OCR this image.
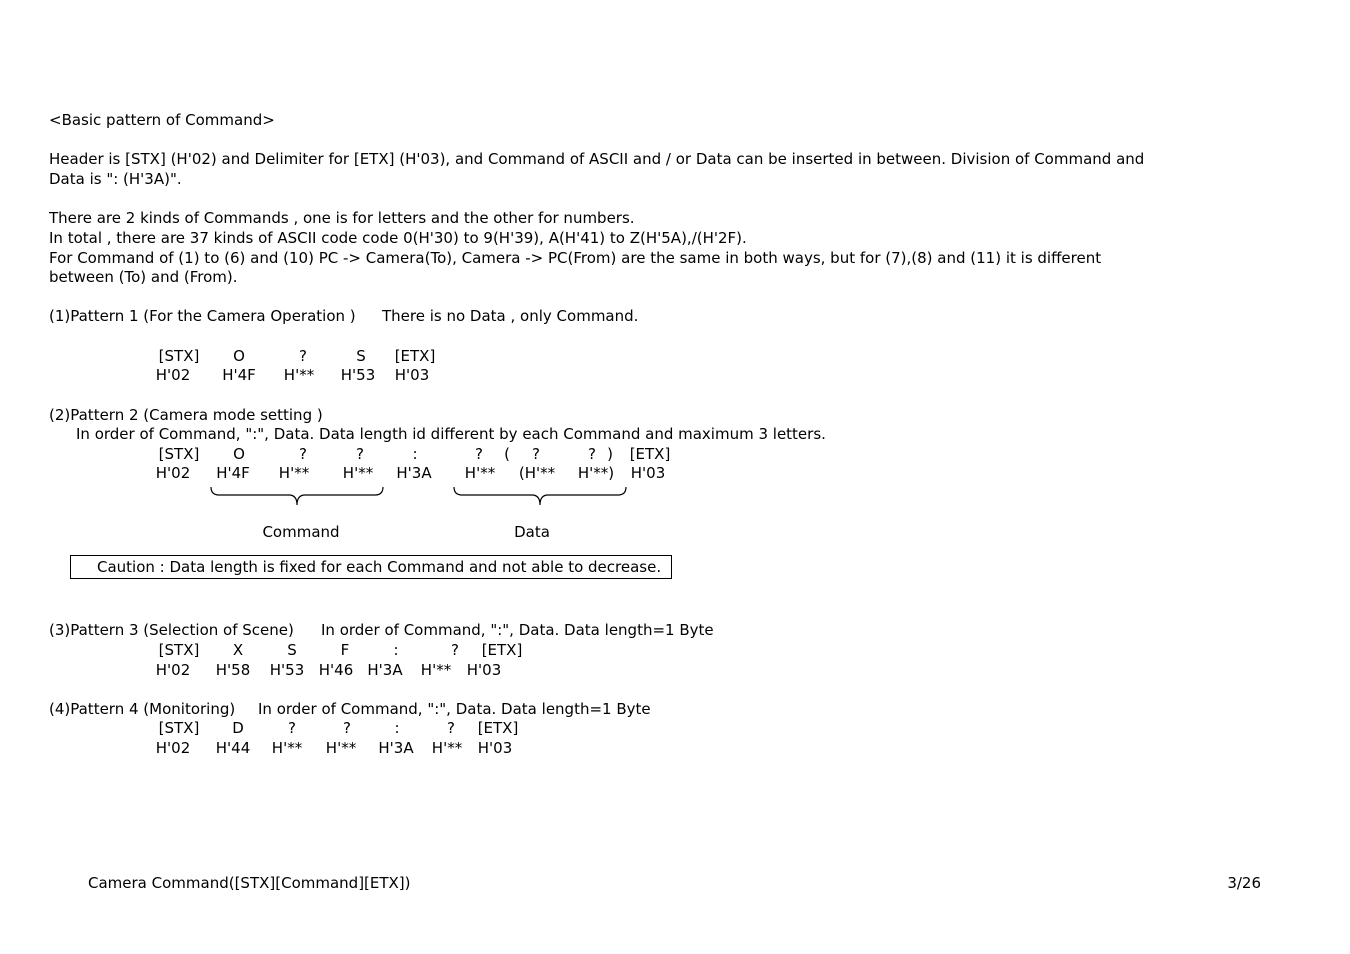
<Basic pattern of Command>
Header is [STX] (H'02) and Delimiter for [ETX] (H'03), and Command of ASCII and / or Data can be inserted in between. Division of Command and
Data is ": (H'3A)".
There are 2 kinds of Commands , one is for letters and the other for numbers.
In total , there are 37 kinds of ASCII code code 0(H'30) to 9(H'39), A(H'41) to Z(H'5A),/(H'2F).
For Command of (1) to (6) and (10) PC -> Camera(To), Camera -> PC(From) are the same in both ways, but for (7),(8) and (11) it is different
between (To) and (From).
(1)Pattern 1 (For the Camera Operation ) There is no Data , only Command.
[STX] O	?	S [ETX]
H'02 H'4F H'** H'53 H'03
(2)Pattern 2 (Camera mode setting )
In order of Command, ":", Data. Data length id different by each Command and maximum 3 letters.
[STX] O	?	?	:	? ( ?	? ) [ETX]
H'02 H'4F H'** H'** H'3A H'** (H'** H'**) H'03
Command	Data
Caution : Data length is fixed for each Command and not able to decrease.
(3)Pattern 3 (Selection of Scene) In order of Command, ":", Data. Data length=1 Byte
[STX] X	S	F	:	? [ETX]
H'02 H'58 H'53 H'46 H'3A H'** H'03
(4)Pattern 4 (Monitoring) In order of Command, ":", Data. Data length=1 Byte
[STX] D	?	?	:	? [ETX]
H'02 H'44 H'** H'** H'3A H'** H'03
Camera Command([STX][Command][ETX])	3/26
